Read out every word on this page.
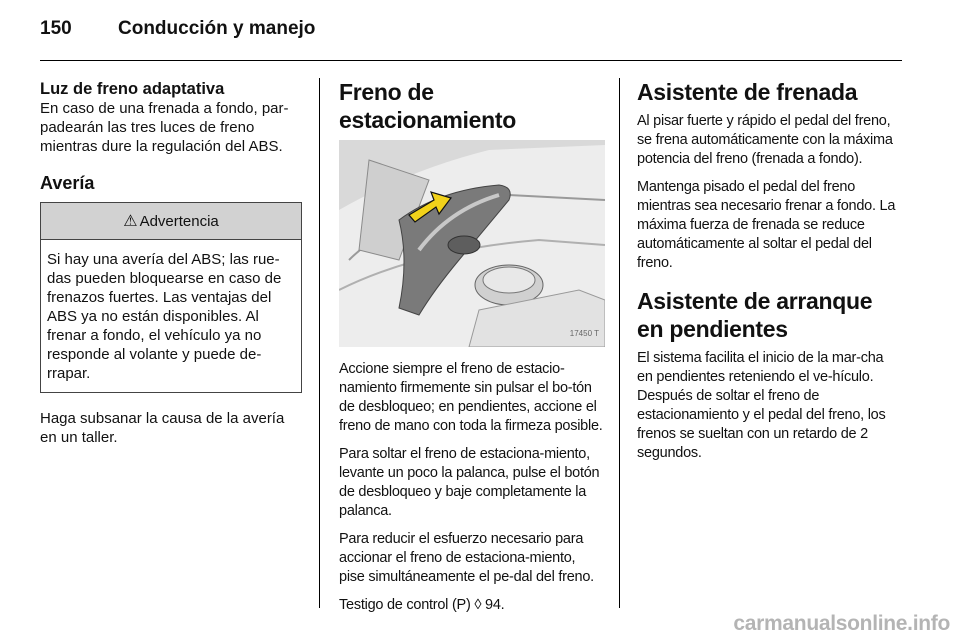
150 Conducción y manejo
Luz de freno adaptativa

En caso de una frenada a fondo, par-padearán las tres luces de freno mientras dure la regulación del ABS.

Avería
⚠ Advertencia
Si hay una avería del ABS; las rue-das pueden bloquearse en caso de frenazos fuertes. Las ventajas del ABS ya no están disponibles. Al frenar a fondo, el vehículo ya no responde al volante y puede de-rrapar.

Haga subsanar la causa de la avería en un taller.

Freno de estacionamiento
17450 T

Accione siempre el freno de estacio-namiento firmemente sin pulsar el bo-tón de desbloqueo; en pendientes, accione el freno de mano con toda la firmeza posible.

Para soltar el freno de estaciona-miento, levante un poco la palanca, pulse el botón de desbloqueo y baje completamente la palanca.

Para reducir el esfuerzo necesario para accionar el freno de estaciona-miento, pise simultáneamente el pe-dal del freno.

Testigo de control (P) ◊ 94.

Asistente de frenada

Al pisar fuerte y rápido el pedal del freno, se frena automáticamente con la máxima potencia del freno (frenada a fondo).

Mantenga pisado el pedal del freno mientras sea necesario frenar a fondo. La máxima fuerza de frenada se reduce automáticamente al soltar el pedal del freno.

Asistente de arranque en pendientes

El sistema facilita el inicio de la mar-cha en pendientes reteniendo el ve-hículo. Después de soltar el freno de estacionamiento y el pedal del freno, los frenos se sueltan con un retardo de 2 segundos.

carmanualsonline.info
